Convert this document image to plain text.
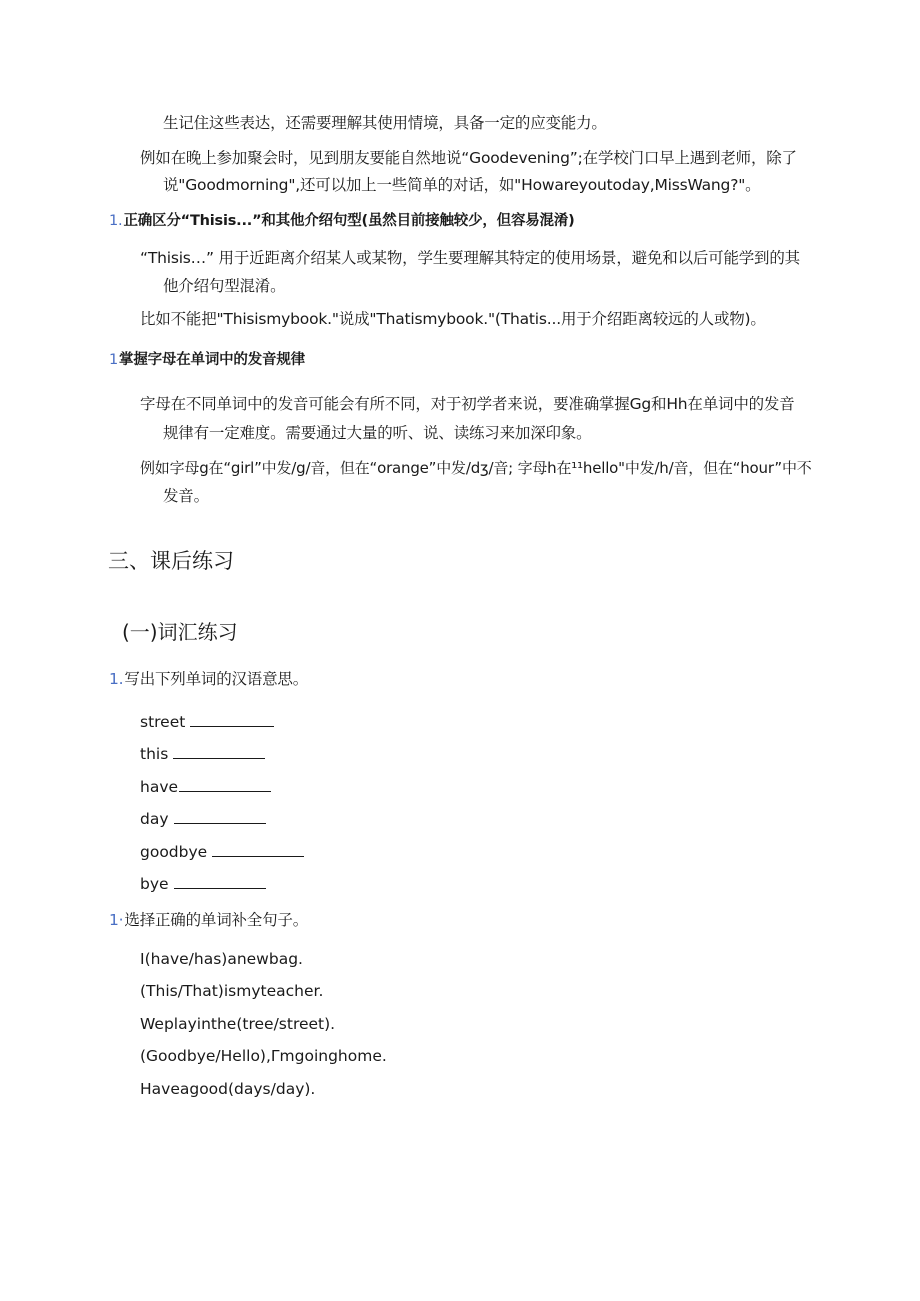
生记住这些表达，还需要理解其使用情境，具备一定的应变能力。
例如在晚上参加聚会时，见到朋友要能自然地说“Goodevening”;在学校门口早上遇到老师，除了
说"Goodmorning",还可以加上一些简单的对话，如"Howareyoutoday,MissWang?"。
1.正确区分“Thisis...”和其他介绍句型(虽然目前接触较少，但容易混淆)
“Thisis…” 用于近距离介绍某人或某物，学生要理解其特定的使用场景，避免和以后可能学到的其
他介绍句型混淆。
比如不能把"Thisismybook."说成"Thatismybook."(Thatis...用于介绍距离较远的人或物)。
1掌握字母在单词中的发音规律
字母在不同单词中的发音可能会有所不同，对于初学者来说，要准确掌握Gg和Hh在单词中的发音
规律有一定难度。需要通过大量的听、说、读练习来加深印象。
例如字母g在“girl”中发/g/音，但在“orange”中发/dʒ/音; 字母h在¹¹hello"中发/h/音，但在“hour”中不
发音。
三、课后练习
(一)词汇练习
1.写出下列单词的汉语意思。
street
this
have
day
goodbye
bye
1·选择正确的单词补全句子。
I(have/has)anewbag.
(This/That)ismyteacher.
Weplayinthe(tree/street).
(Goodbye/Hello),Γmgoinghome.
Haveagood(days/day).
